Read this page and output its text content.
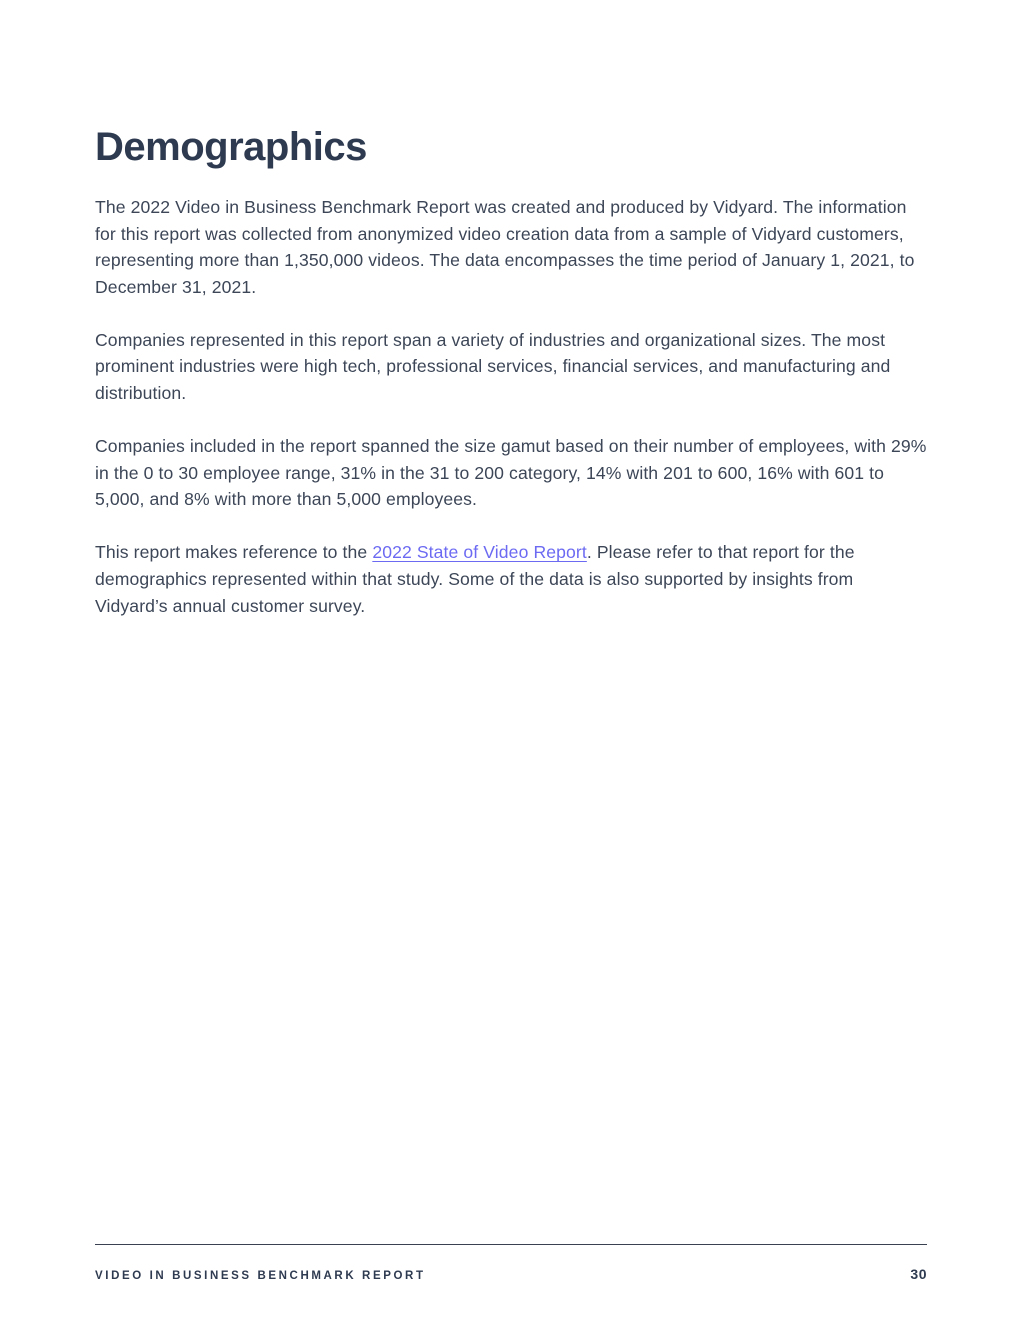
Demographics

The 2022 Video in Business Benchmark Report was created and produced by Vidyard. The information for this report was collected from anonymized video creation data from a sample of Vidyard customers, representing more than 1,350,000 videos. The data encompasses the time period of January 1, 2021, to December 31, 2021.

Companies represented in this report span a variety of industries and organizational sizes. The most prominent industries were high tech, professional services, financial services, and manufacturing and distribution.

Companies included in the report spanned the size gamut based on their number of employees, with 29% in the 0 to 30 employee range, 31% in the 31 to 200 category, 14% with 201 to 600, 16% with 601 to 5,000, and 8% with more than 5,000 employees.

This report makes reference to the 2022 State of Video Report. Please refer to that report for the demographics represented within that study. Some of the data is also supported by insights from Vidyard’s annual customer survey.

VIDEO IN BUSINESS BENCHMARK REPORT	30
